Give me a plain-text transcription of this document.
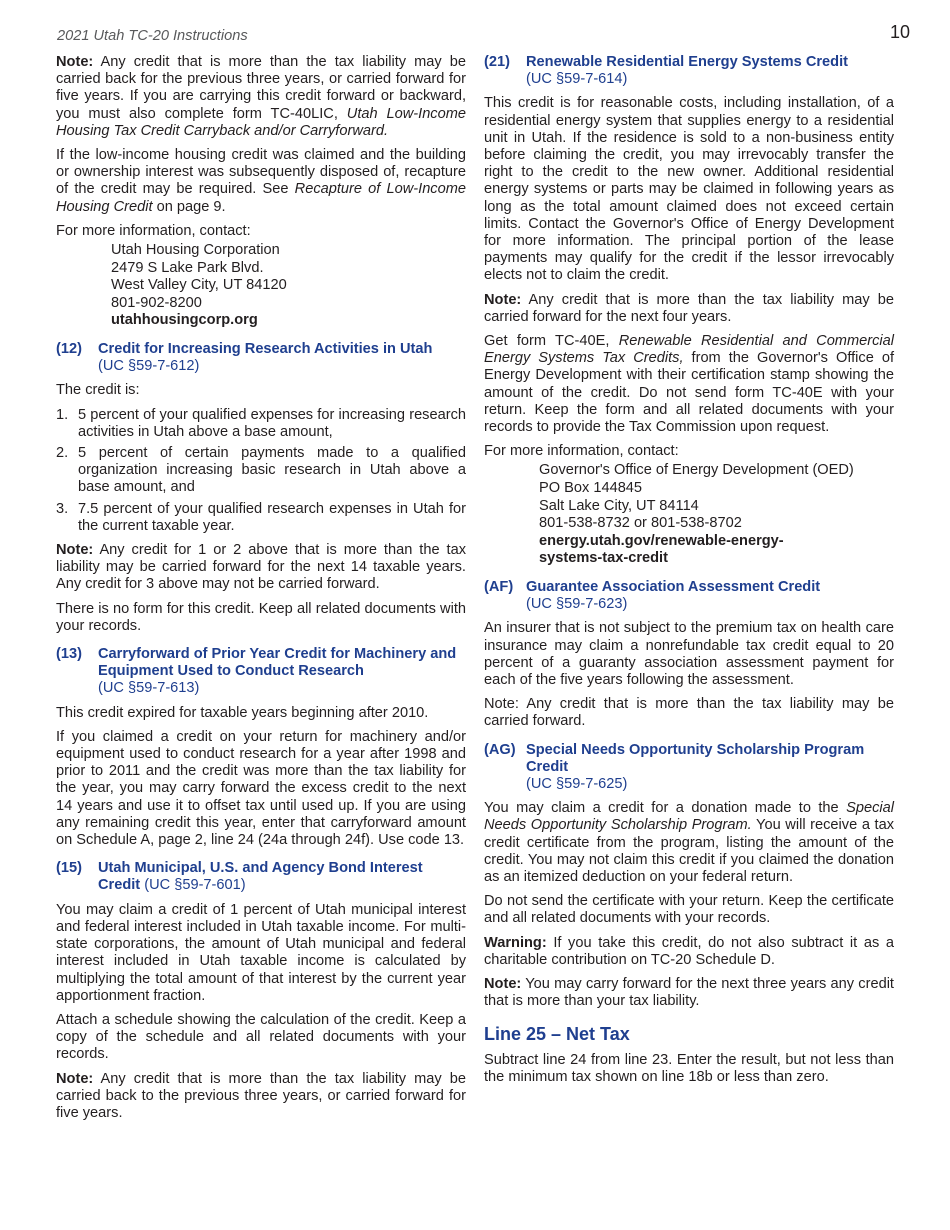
2021 Utah TC-20 Instructions	10

Note: Any credit that is more than the tax liability may be carried back for the previous three years, or carried forward for five years. If you are carrying this credit forward or backward, you must also complete form TC-40LIC, Utah Low-Income Housing Tax Credit Carryback and/or Carryforward.

If the low-income housing credit was claimed and the building or ownership interest was subsequently disposed of, recapture of the credit may be required. See Recapture of Low-Income Housing Credit on page 9.

For more information, contact:

Utah Housing Corporation
2479 S Lake Park Blvd.
West Valley City, UT 84120
801-902-8200
utahhousingcorp.org
(12)	Credit for Increasing Research Activities in Utah
(UC §59-7-612)

The credit is:

1. 5 percent of your qualified expenses for increasing research activities in Utah above a base amount,
2. 5 percent of certain payments made to a qualified organization increasing basic research in Utah above a base amount, and
3. 7.5 percent of your qualified research expenses in Utah for the current taxable year.

Note: Any credit for 1 or 2 above that is more than the tax liability may be carried forward for the next 14 taxable years. Any credit for 3 above may not be carried forward.

There is no form for this credit. Keep all related documents with your records.

(13)	Carryforward of Prior Year Credit for Machinery and Equipment Used to Conduct Research
(UC §59-7-613)

This credit expired for taxable years beginning after 2010.

If you claimed a credit on your return for machinery and/or equipment used to conduct research for a year after 1998 and prior to 2011 and the credit was more than the tax liability for the year, you may carry forward the excess credit to the next 14 years and use it to offset tax until used up. If you are using any remaining credit this year, enter that carryforward amount on Schedule A, page 2, line 24 (24a through 24f). Use code 13.

(15)	Utah Municipal, U.S. and Agency Bond Interest Credit (UC §59-7-601)

You may claim a credit of 1 percent of Utah municipal interest and federal interest included in Utah taxable income. For multi-state corporations, the amount of Utah municipal and federal interest included in Utah taxable income is calculated by multiplying the total amount of that interest by the current year apportionment fraction.

Attach a schedule showing the calculation of the credit. Keep a copy of the schedule and all related documents with your records.

Note: Any credit that is more than the tax liability may be carried back to the previous three years, or carried forward for five years.

(21)	Renewable Residential Energy Systems Credit
(UC §59-7-614)

This credit is for reasonable costs, including installation, of a residential energy system that supplies energy to a residential unit in Utah. If the residence is sold to a non-business entity before claiming the credit, you may irrevocably transfer the right to the credit to the new owner. Additional residential energy systems or parts may be claimed in following years as long as the total amount claimed does not exceed certain limits. Contact the Governor's Office of Energy Development for more information. The principal portion of the lease payments may qualify for the credit if the lessor irrevocably elects not to claim the credit.

Note: Any credit that is more than the tax liability may be carried forward for the next four years.

Get form TC-40E, Renewable Residential and Commercial Energy Systems Tax Credits, from the Governor's Office of Energy Development with their certification stamp showing the amount of the credit. Do not send form TC-40E with your return. Keep the form and all related documents with your records to provide the Tax Commission upon request.

For more information, contact:

Governor's Office of Energy Development (OED)
PO Box 144845
Salt Lake City, UT 84114
801-538-8732 or 801-538-8702
energy.utah.gov/renewable-energy-
systems-tax-credit
(AF) Guarantee Association Assessment Credit
(UC §59-7-623)

An insurer that is not subject to the premium tax on health care insurance may claim a nonrefundable tax credit equal to 20 percent of a guaranty association assessment payment for each of the five years following the assessment.

Note: Any credit that is more than the tax liability may be carried forward.

(AG) Special Needs Opportunity Scholarship Program Credit
(UC §59-7-625)

You may claim a credit for a donation made to the Special Needs Opportunity Scholarship Program. You will receive a tax credit certificate from the program, listing the amount of the credit. You may not claim this credit if you claimed the donation as an itemized deduction on your federal return.

Do not send the certificate with your return. Keep the certificate and all related documents with your records.

Warning: If you take this credit, do not also subtract it as a charitable contribution on TC-20 Schedule D.

Note: You may carry forward for the next three years any credit that is more than your tax liability.

Line 25 – Net Tax

Subtract line 24 from line 23. Enter the result, but not less than the minimum tax shown on line 18b or less than zero.
